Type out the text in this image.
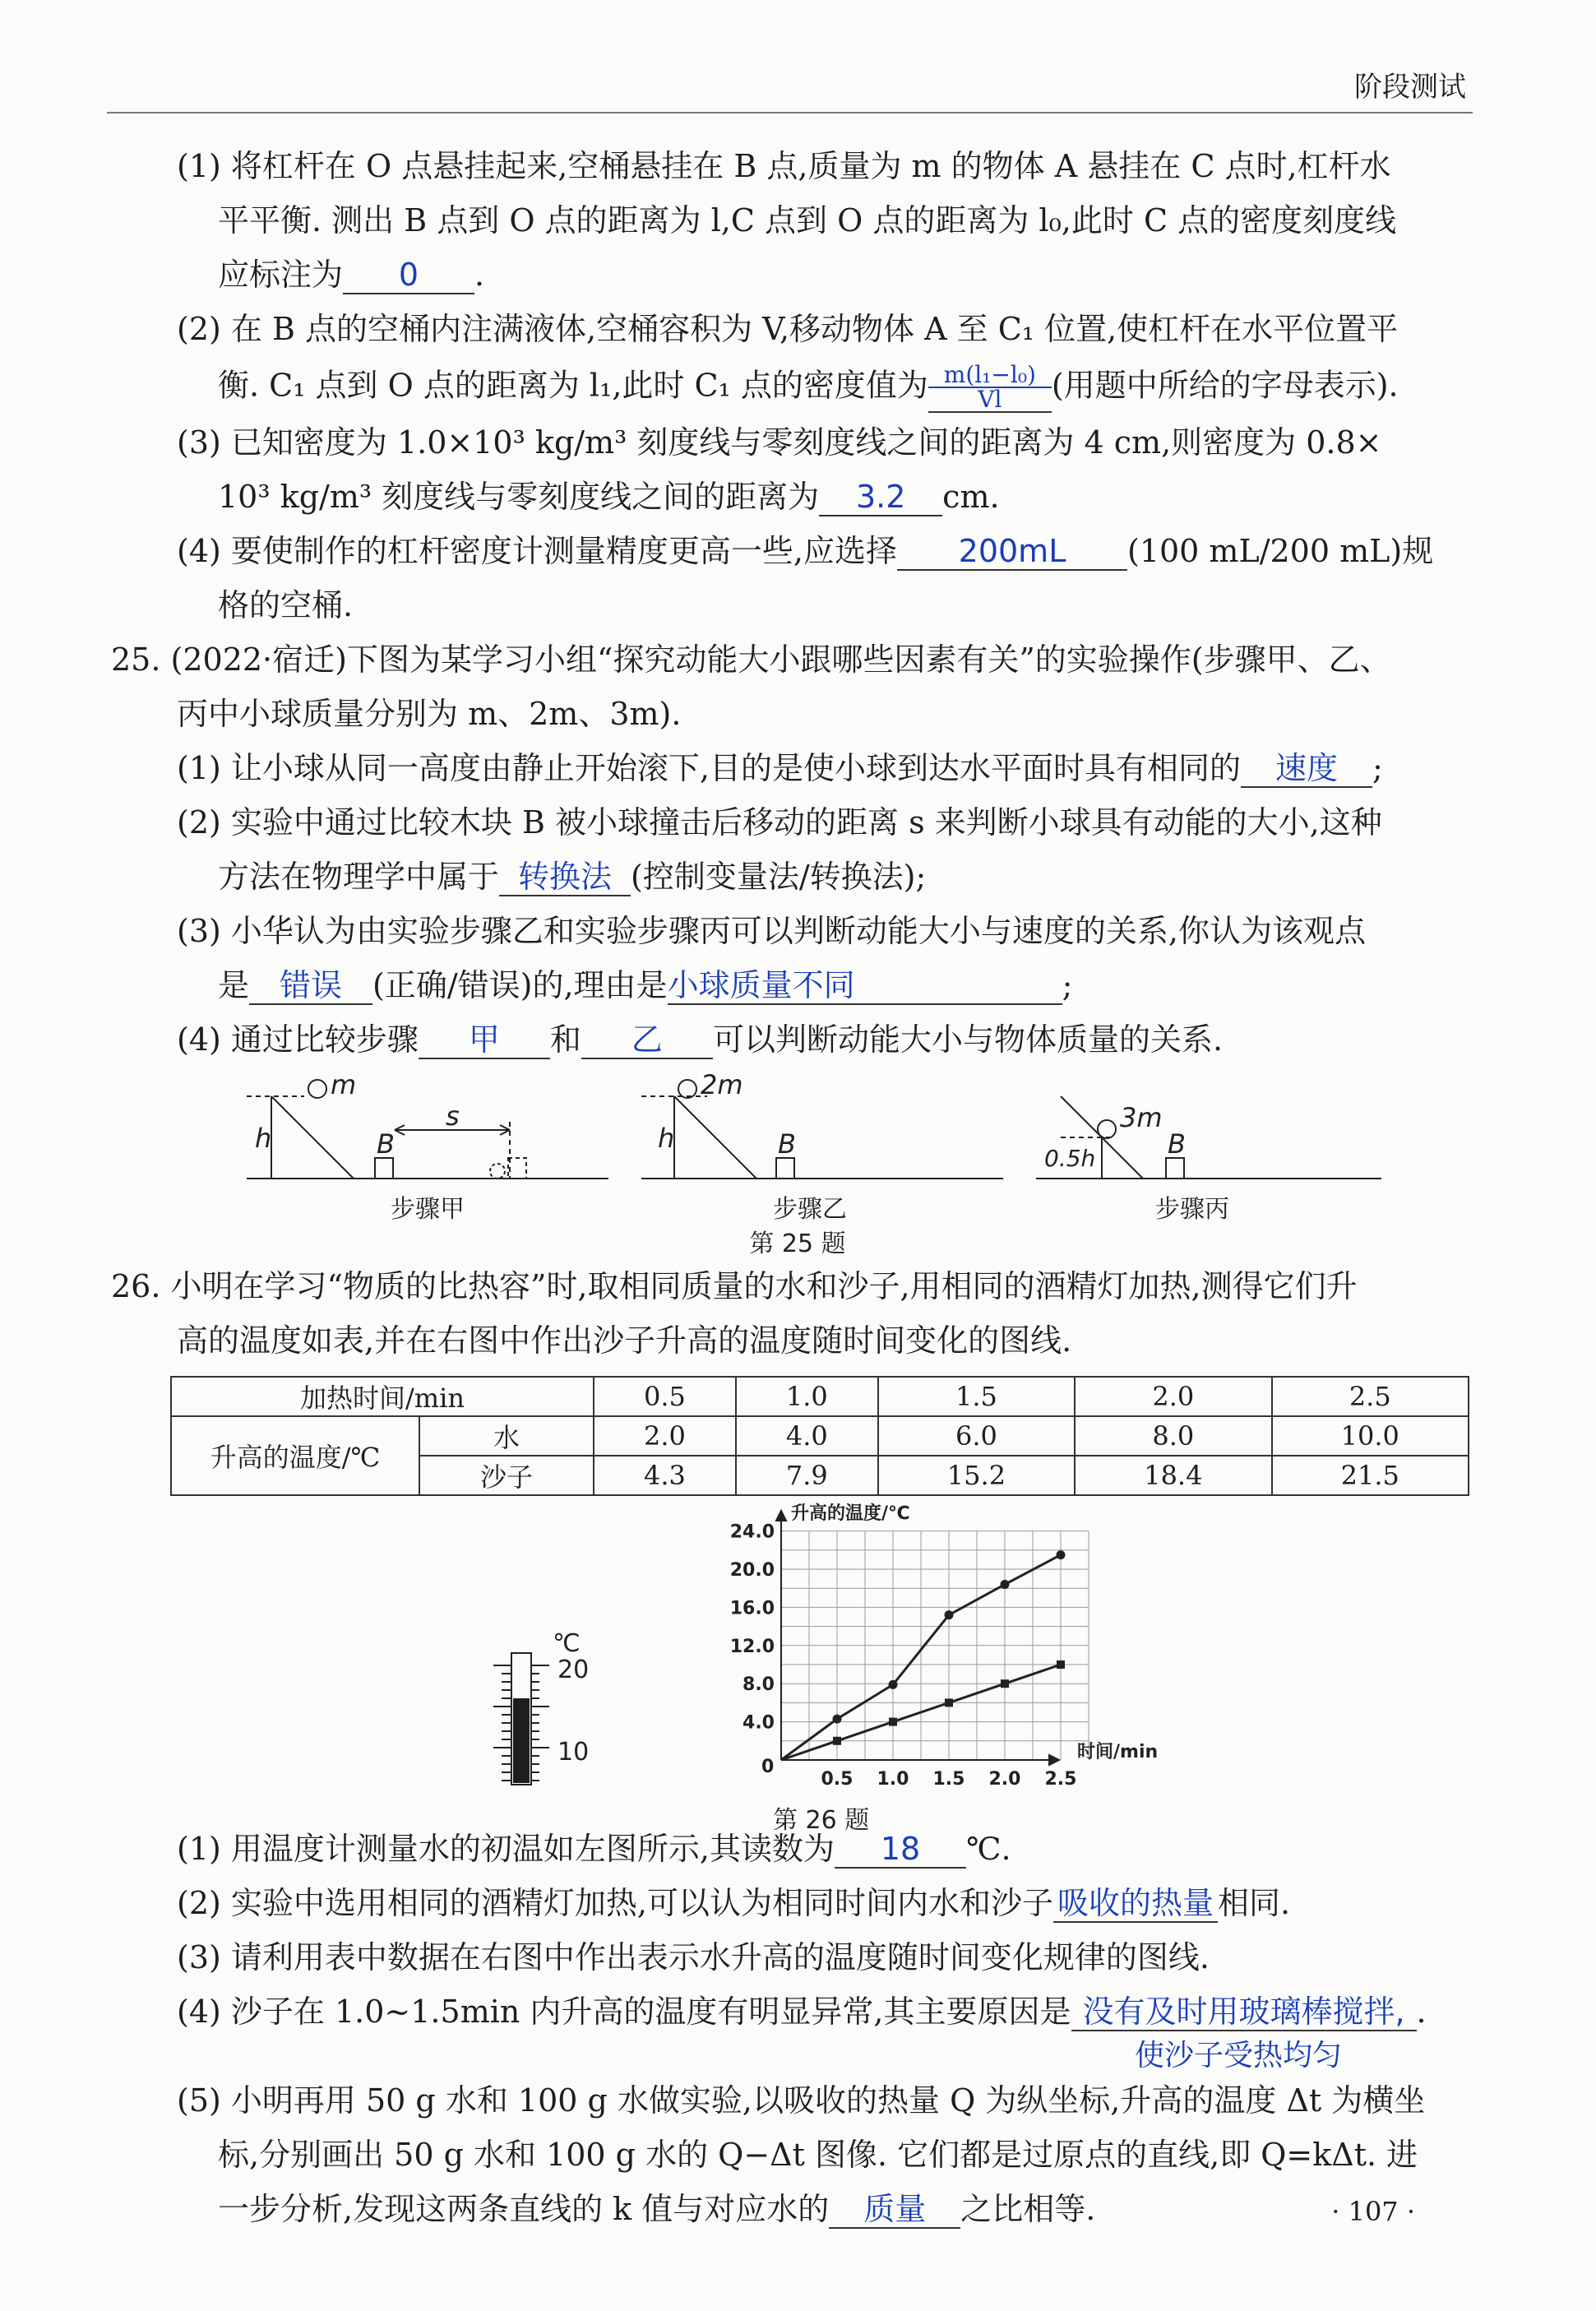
阶段测试
(1) 将杠杆在 O 点悬挂起来,空桶悬挂在 B 点,质量为 m 的物体 A 悬挂在 C 点时,杠杆水
平平衡. 测出 B 点到 O 点的距离为 l,C 点到 O 点的距离为 l₀,此时 C 点的密度刻度线
应标注为 0 .
(2) 在 B 点的空桶内注满液体,空桶容积为 V,移动物体 A 至 C₁ 位置,使杠杆在水平位置平
衡. C₁ 点到 O 点的距离为 l₁,此时 C₁ 点的密度值为 $\frac{\text{m(l₁−l₀)}}{Vl}$ (用题中所给的字母表示).
(3) 已知密度为 1.0×10³ kg/m³ 刻度线与零刻度线之间的距离为 4 cm,则密度为 0.8×
10³ kg/m³ 刻度线与零刻度线之间的距离为 3.2 cm.
(4) 要使制作的杠杆密度计测量精度更高一些,应选择 200mL (100 mL/200 mL)规
格的空桶.
25. (2022·宿迁)下图为某学习小组“探究动能大小跟哪些因素有关”的实验操作(步骤甲、乙、
丙中小球质量分别为 m、2m、3m).
(1) 让小球从同一高度由静止开始滚下,目的是使小球到达水平面时具有相同的 速度 ;
(2) 实验中通过比较木块 B 被小球撞击后移动的距离 s 来判断小球具有动能的大小,这种
方法在物理学中属于 转换法 (控制变量法/转换法);
(3) 小华认为由实验步骤乙和实验步骤丙可以判断动能大小与速度的关系,你认为该观点
是 错误 (正确/错误)的,理由是小球质量不同	;
(4) 通过比较步骤 甲 和 乙 可以判断动能大小与物体质量的关系.
m
h	B
s
2m
h	B
3m
0.5h	B
步骤甲	步骤乙	步骤丙
第 25 题
26. 小明在学习“物质的比热容”时,取相同质量的水和沙子,用相同的酒精灯加热,测得它们升
高的温度如表,并在右图中作出沙子升高的温度随时间变化的图线.
加热时间/min		0.5	1.0	1.5	2.0	2.5
升高的温度/℃	水	2.0	4.0	6.0	8.0	10.0
	沙子	4.3	7.9	15.2	18.4	21.5
℃
20
10
4.0
8.0
12.0
16.0
20.0
24.0
0.5 1.0 1.5 2.0 2.5
升高的温度/℃
时间/min
0
第 26 题
(1) 用温度计测量水的初温如左图所示,其读数为 18 ℃.
(2) 实验中选用相同的酒精灯加热,可以认为相同时间内水和沙子 吸收的热量 相同.
(3) 请利用表中数据在右图中作出表示水升高的温度随时间变化规律的图线.
(4) 沙子在 1.0~1.5min 内升高的温度有明显异常,其主要原因是 没有及时用玻璃棒搅拌, .
使沙子受热均匀
(5) 小明再用 50 g 水和 100 g 水做实验,以吸收的热量 Q 为纵坐标,升高的温度 Δt 为横坐
标,分别画出 50 g 水和 100 g 水的 Q−Δt 图像. 它们都是过原点的直线,即 Q=kΔt. 进
一步分析,发现这两条直线的 k 值与对应水的 质量 之比相等.	· 107 ·
